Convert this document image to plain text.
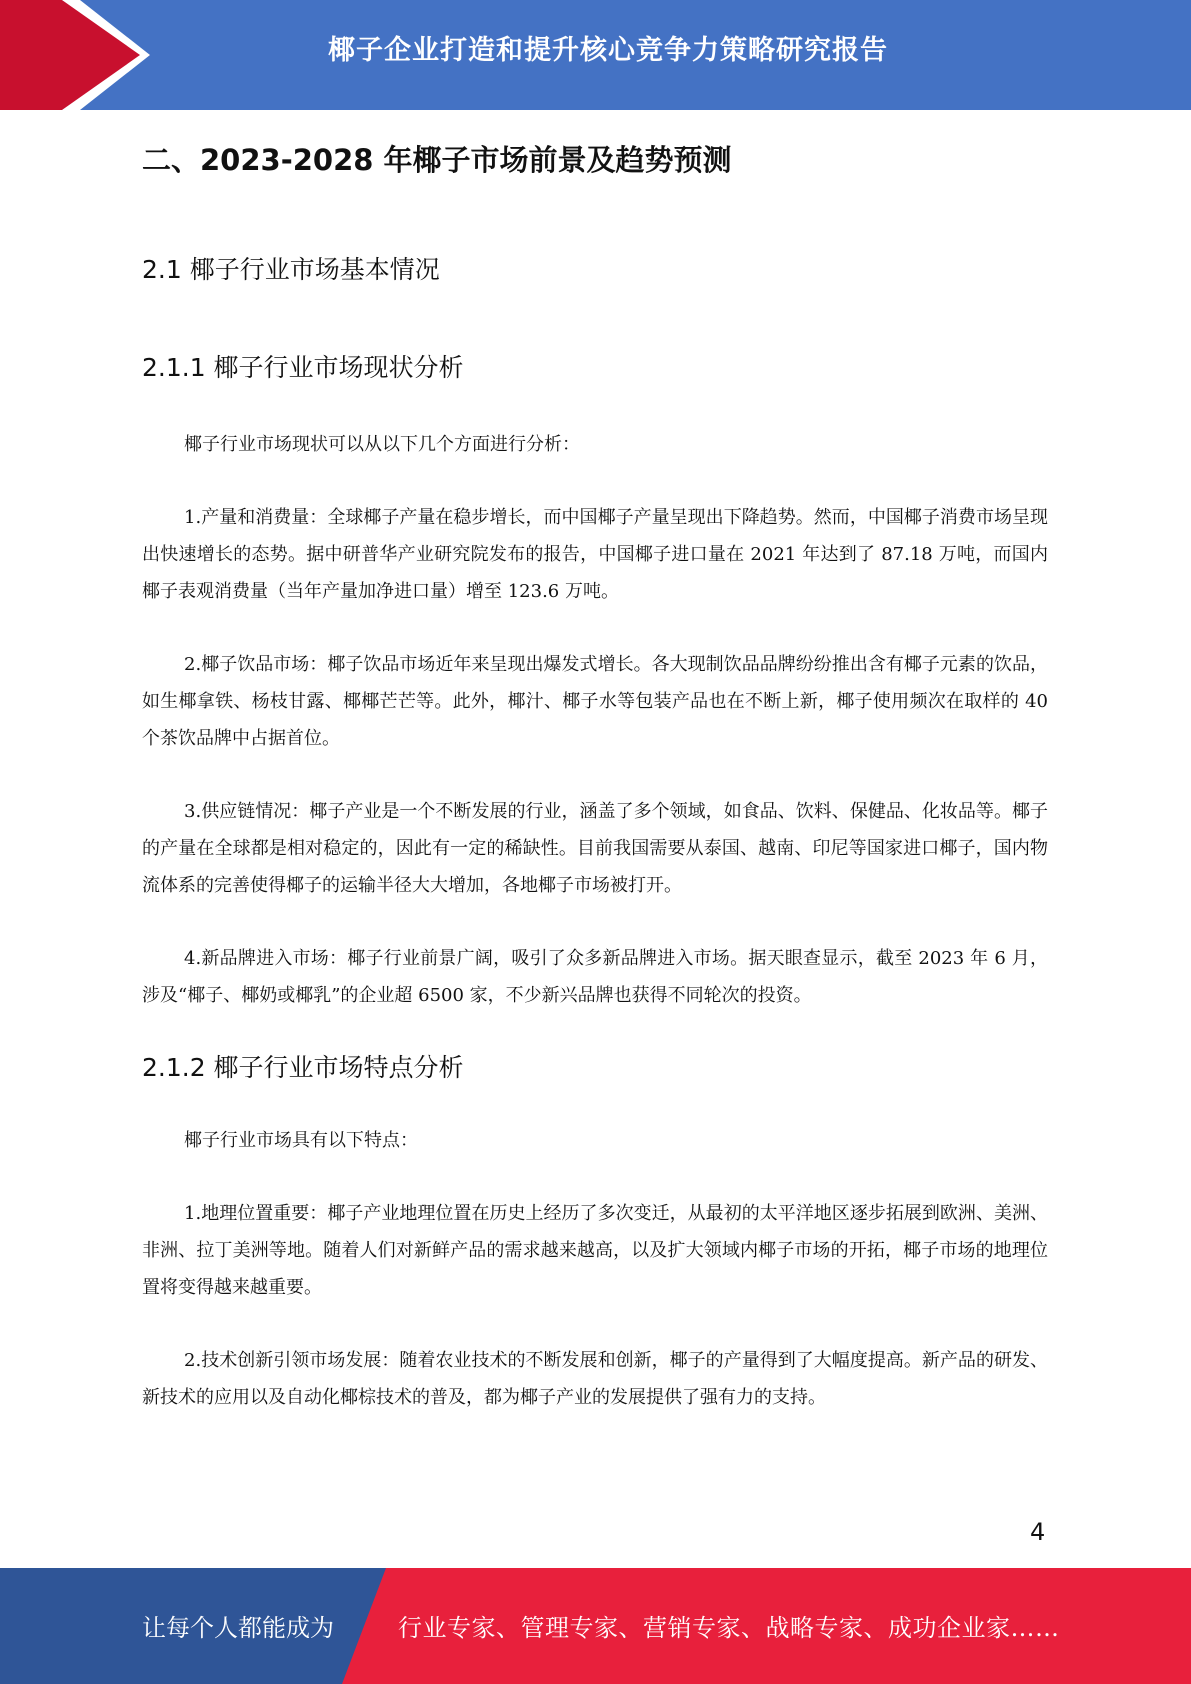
椰子企业打造和提升核心竞争力策略研究报告
二、2023-2028 年椰子市场前景及趋势预测
2.1 椰子行业市场基本情况
2.1.1 椰子行业市场现状分析

椰子行业市场现状可以从以下几个方面进行分析：

1.产量和消费量：全球椰子产量在稳步增长，而中国椰子产量呈现出下降趋势。然而，中国椰子消费市场呈现出快速增长的态势。据中研普华产业研究院发布的报告，中国椰子进口量在 2021 年达到了 87.18 万吨，而国内椰子表观消费量（当年产量加净进口量）增至 123.6 万吨。

2.椰子饮品市场：椰子饮品市场近年来呈现出爆发式增长。各大现制饮品品牌纷纷推出含有椰子元素的饮品，如生椰拿铁、杨枝甘露、椰椰芒芒等。此外，椰汁、椰子水等包装产品也在不断上新，椰子使用频次在取样的 40 个茶饮品牌中占据首位。

3.供应链情况：椰子产业是一个不断发展的行业，涵盖了多个领域，如食品、饮料、保健品、化妆品等。椰子的产量在全球都是相对稳定的，因此有一定的稀缺性。目前我国需要从泰国、越南、印尼等国家进口椰子，国内物流体系的完善使得椰子的运输半径大大增加，各地椰子市场被打开。

4.新品牌进入市场：椰子行业前景广阔，吸引了众多新品牌进入市场。据天眼查显示，截至 2023 年 6 月，涉及“椰子、椰奶或椰乳”的企业超 6500 家，不少新兴品牌也获得不同轮次的投资。

2.1.2 椰子行业市场特点分析

椰子行业市场具有以下特点：

1.地理位置重要：椰子产业地理位置在历史上经历了多次变迁，从最初的太平洋地区逐步拓展到欧洲、美洲、非洲、拉丁美洲等地。随着人们对新鲜产品的需求越来越高，以及扩大领域内椰子市场的开拓，椰子市场的地理位置将变得越来越重要。

2.技术创新引领市场发展：随着农业技术的不断发展和创新，椰子的产量得到了大幅度提高。新产品的研发、新技术的应用以及自动化椰棕技术的普及，都为椰子产业的发展提供了强有力的支持。

4
让每个人都能成为	行业专家、管理专家、营销专家、战略专家、成功企业家……
